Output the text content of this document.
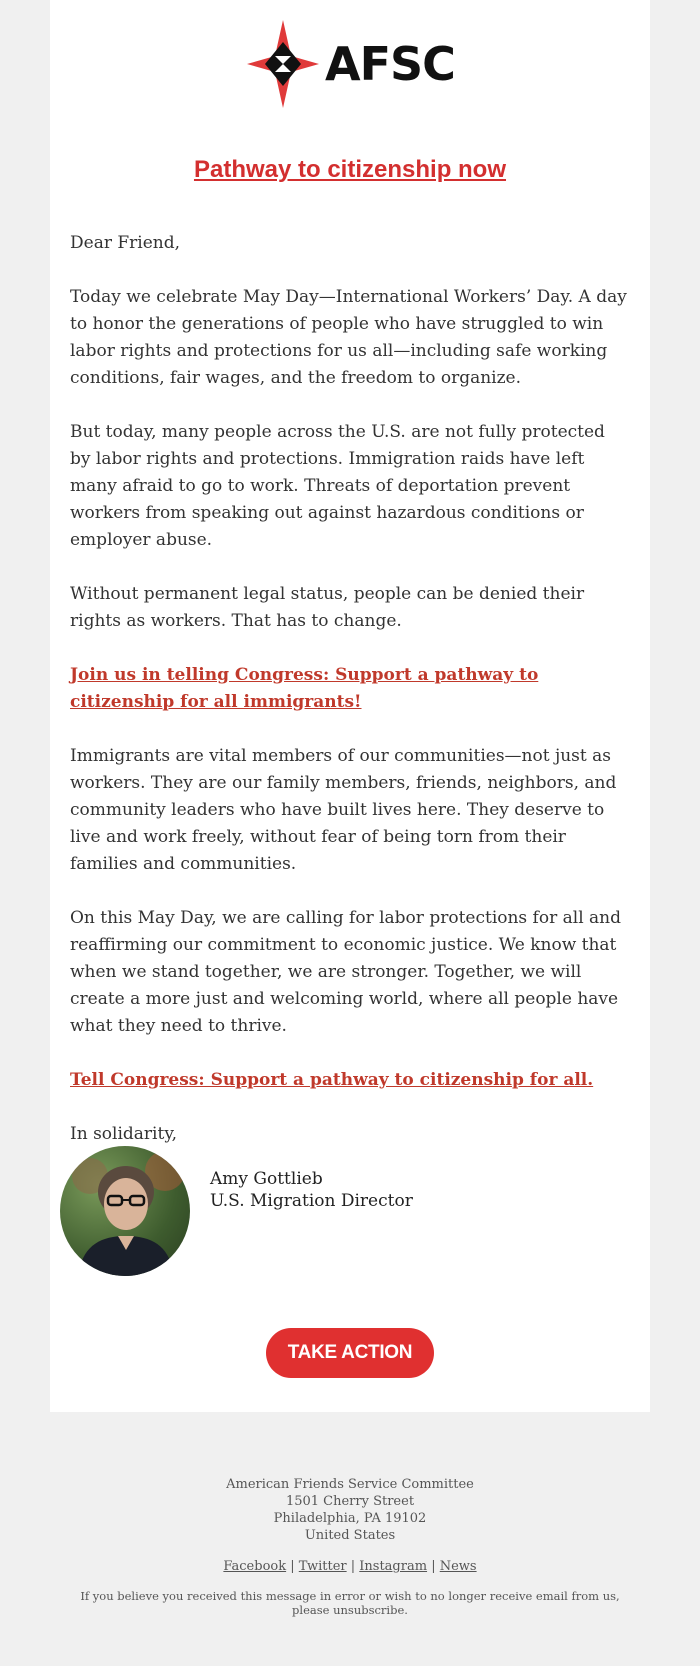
AFSC
Pathway to citizenship now

Dear Friend,

Today we celebrate May Day—International Workers’ Day. A day to honor the generations of people who have struggled to win labor rights and protections for us all—including safe working conditions, fair wages, and the freedom to organize.

But today, many people across the U.S. are not fully protected by labor rights and protections. Immigration raids have left many afraid to go to work. Threats of deportation prevent workers from speaking out against hazardous conditions or employer abuse.

Without permanent legal status, people can be denied their rights as workers. That has to change.

Join us in telling Congress: Support a pathway to citizenship for all immigrants!

Immigrants are vital members of our communities—not just as workers. They are our family members, friends, neighbors, and community leaders who have built lives here. They deserve to live and work freely, without fear of being torn from their families and communities.

On this May Day, we are calling for labor protections for all and reaffirming our commitment to economic justice. We know that when we stand together, we are stronger. Together, we will create a more just and welcoming world, where all people have what they need to thrive.

Tell Congress: Support a pathway to citizenship for all.

In solidarity,

Amy Gottlieb
U.S. Migration Director
TAKE ACTION
American Friends Service Committee
1501 Cherry Street
Philadelphia, PA 19102
United States
Facebook | Twitter | Instagram | News
If you believe you received this message in error or wish to no longer receive email from us, please unsubscribe.
